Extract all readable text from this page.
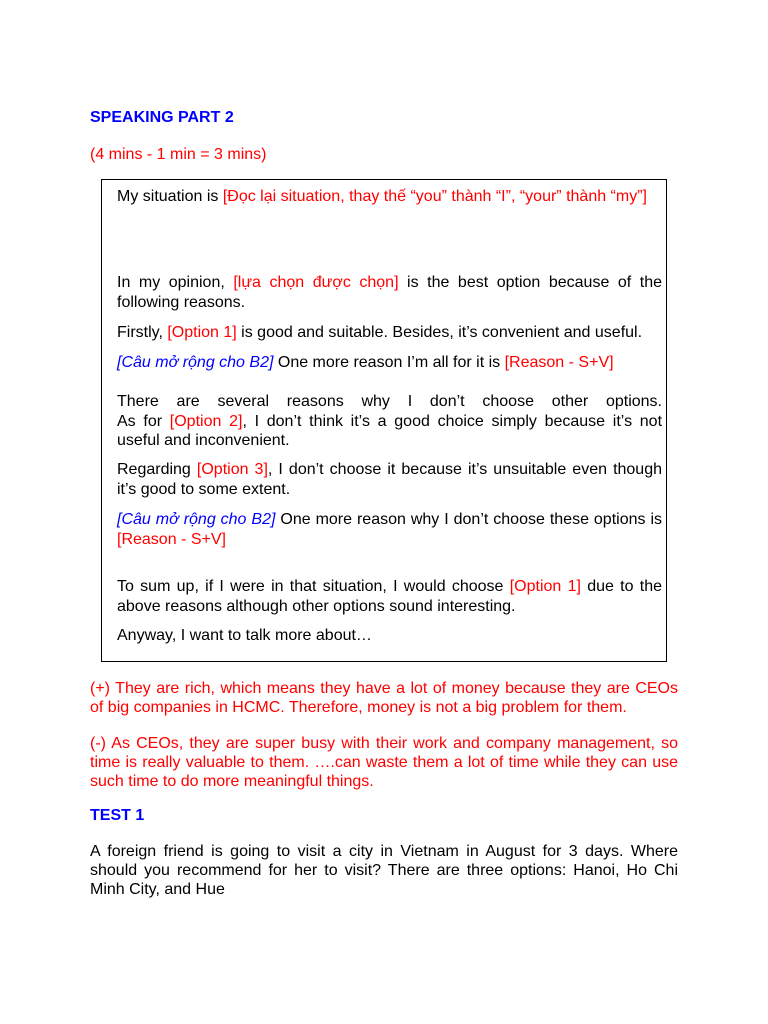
SPEAKING PART 2
(4 mins - 1 min = 3 mins)
My situation is [Đọc lại situation, thay thế “you” thành “I”, “your” thành “my”]
In my opinion, [lựa chọn được chọn] is the best option because of the following reasons.
Firstly, [Option 1] is good and suitable. Besides, it’s convenient and useful.
[Câu mở rộng cho B2] One more reason I’m all for it is [Reason - S+V]
There are several reasons why I don’t choose other options.
As for [Option 2], I don’t think it’s a good choice simply because it’s not useful and inconvenient.
Regarding [Option 3], I don’t choose it because it’s unsuitable even though it’s good to some extent.
[Câu mở rộng cho B2] One more reason why I don’t choose these options is [Reason - S+V]
To sum up, if I were in that situation, I would choose [Option 1] due to the above reasons although other options sound interesting.
Anyway, I want to talk more about…
(+) They are rich, which means they have a lot of money because they are CEOs of big companies in HCMC. Therefore, money is not a big problem for them.
(-) As CEOs, they are super busy with their work and company management, so time is really valuable to them. ….can waste them a lot of time while they can use such time to do more meaningful things.
TEST 1
A foreign friend is going to visit a city in Vietnam in August for 3 days. Where should you recommend for her to visit? There are three options: Hanoi, Ho Chi Minh City, and Hue
